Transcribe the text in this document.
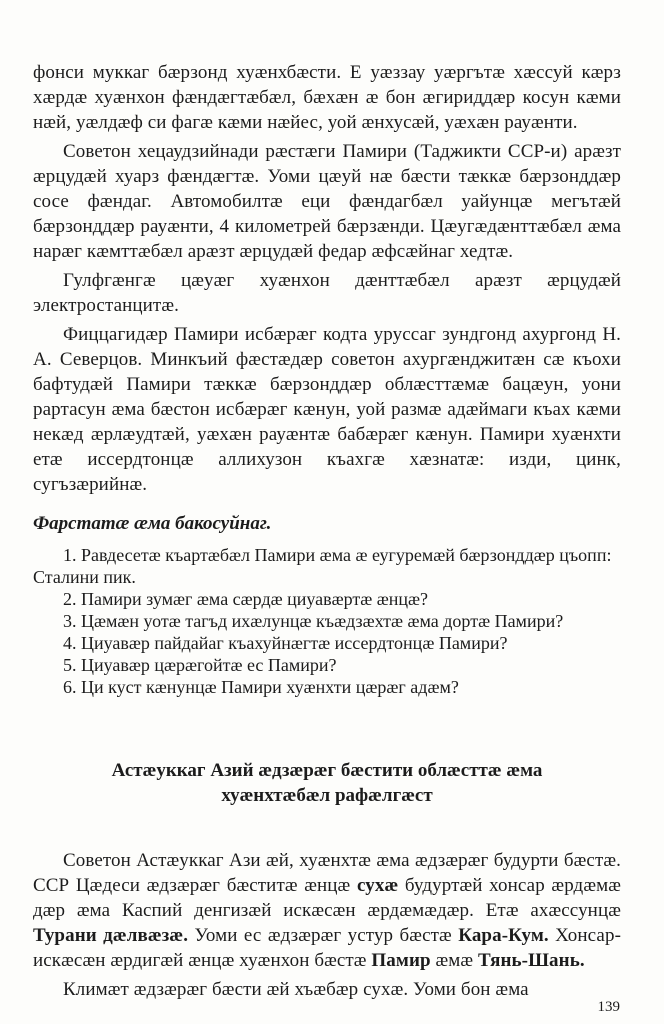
фонси муккаг бæрзонд хуæнхбæсти. Е уæззау уæргътæ хæссуй кæрз хæрдæ хуæнхон фæндæгтæбæл, бæхæн æ бон æгириддæр косун кæми нæй, уæлдæф си фагæ кæми нæйес, уой æнхусæй, уæхæн рауæнти.

Советон хецаудзийнади рæстæги Памири (Таджикти ССР-и) арæзт æрцудæй хуарз фæндæгтæ. Уоми цæуй нæ бæсти тæккæ бæрзонддæр сосе фæндаг. Автомобилтæ еци фæндагбæл уайунцæ мегътæй бæрзонддæр рауæнти, 4 километрей бæрзæнди. Цæугæдæнттæбæл æма нарæг кæмттæбæл арæзт æрцудæй федар æфсæйнаг хедтæ.

Гулфгæнгæ цæуæг хуæнхон дæнттæбæл арæзт æрцудæй электростанцитæ.

Фиццагидæр Памири исбæрæг кодта уруссаг зундгонд ахургонд Н. А. Северцов. Минкъий фæстæдæр советон ахургæнджитæн сæ къохи бафтудæй Памири тæккæ бæрзонддæр облæсттæмæ бацæун, уони рартасун æма бæстон исбæрæг кæнун, уой размæ адæймаги къах кæми некæд æрлæудтæй, уæхæн рауæнтæ бабæрæг кæнун. Памири хуæнхти етæ иссердтонцæ аллихузон къахгæ хæзнатæ: изди, цинк, сугъзæрийнæ.

Фарстатæ æма бакосуйнаг.
1. Равдесетæ къартæбæл Памири æма æ еугуремæй бæрзонддæр цъопп: Сталини пик.
2. Памири зумæг æма сæрдæ циуавæртæ æнцæ?
3. Цæмæн уотæ тагъд ихæлунцæ къæдзæхтæ æма дортæ Памири?
4. Циуавæр пайдайаг къахуйнæгтæ иссердтонцæ Памири?
5. Циуавæр цæрæгойтæ ес Памири?
6. Ци куст кæнунцæ Памири хуæнхти цæрæг адæм?
Астæуккаг Азий æдзæрæг бæстити облæсттæ æма хуæнхтæбæл рафæлгæст

Советон Астæуккаг Ази æй, хуæнхтæ æма æдзæрæг будурти бæстæ. ССР Цæдеси æдзæрæг бæститæ æнцæ сухæ будуртæй хонсар æрдæмæ дæр æма Каспий денгизæй искæсæн æрдæмæдæр. Етæ ахæссунцæ Турани дæлвæзæ. Уоми ес æдзæрæг устур бæстæ Кара-Кум. Хонсар-искæсæн æрдигæй æнцæ хуæнхон бæстæ Памир æмæ Тянь-Шань.

Климæт æдзæрæг бæсти æй хъæбæр сухæ. Уоми бон æма

139
